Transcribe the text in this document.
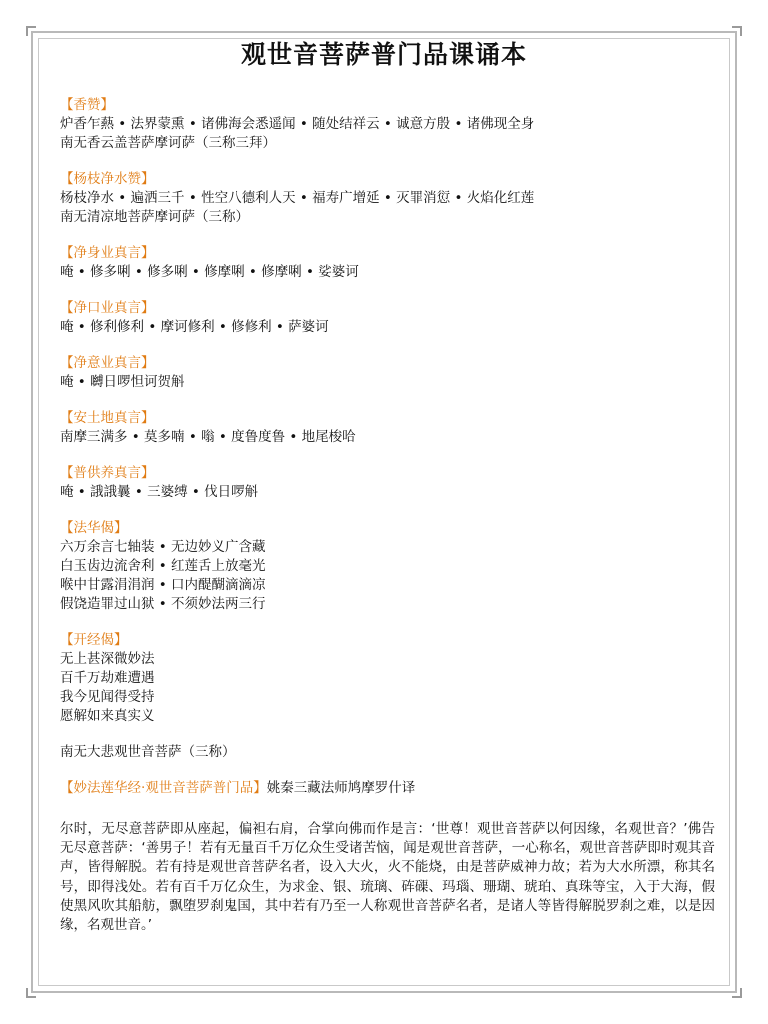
观世音菩萨普门品课诵本
【香赞】
炉香乍爇 • 法界蒙熏 • 诸佛海会悉遥闻 • 随处结祥云 • 诚意方殷 • 诸佛现全身
南无香云盖菩萨摩诃萨（三称三拜）
【杨枝净水赞】
杨枝净水 • 遍洒三千 • 性空八德利人天 • 福寿广增延 • 灭罪消愆 • 火焰化红莲
南无清凉地菩萨摩诃萨（三称）
【净身业真言】
唵 • 修多唎 • 修多唎 • 修摩唎 • 修摩唎 • 娑婆诃
【净口业真言】
唵 • 修利修利 • 摩诃修利 • 修修利 • 萨婆诃
【净意业真言】
唵 • 嚩日啰怛诃贺斛
【安土地真言】
南摩三满多 • 莫多喃 • 嗡 • 度鲁度鲁 • 地尾梭哈
【普供养真言】
唵 • 誐誐曩 • 三婆缚 • 伐日啰斛
【法华偈】
六万余言七轴装 • 无边妙义广含藏
白玉齿边流舍利 • 红莲舌上放毫光
喉中甘露涓涓润 • 口内醍醐滴滴凉
假饶造罪过山狱 • 不须妙法两三行
【开经偈】
无上甚深微妙法
百千万劫难遭遇
我今见闻得受持
愿解如来真实义
南无大悲观世音菩萨（三称）
【妙法莲华经·观世音菩萨普门品】姚秦三藏法师鸠摩罗什译
尔时，无尽意菩萨即从座起，偏袒右肩，合掌向佛而作是言：‘世尊！观世音菩萨以何因缘，名观世音？’佛告无尽意菩萨：‘善男子！若有无量百千万亿众生受诸苦恼，闻是观世音菩萨，一心称名，观世音菩萨即时观其音声，皆得解脱。若有持是观世音菩萨名者，设入大火，火不能烧，由是菩萨威神力故；若为大水所漂，称其名号，即得浅处。若有百千万亿众生，为求金、银、琉璃、砗磲、玛瑙、珊瑚、琥珀、真珠等宝，入于大海，假使黑风吹其船舫，飘堕罗刹鬼国，其中若有乃至一人称观世音菩萨名者，是诸人等皆得解脱罗刹之难，以是因缘，名观世音。’
